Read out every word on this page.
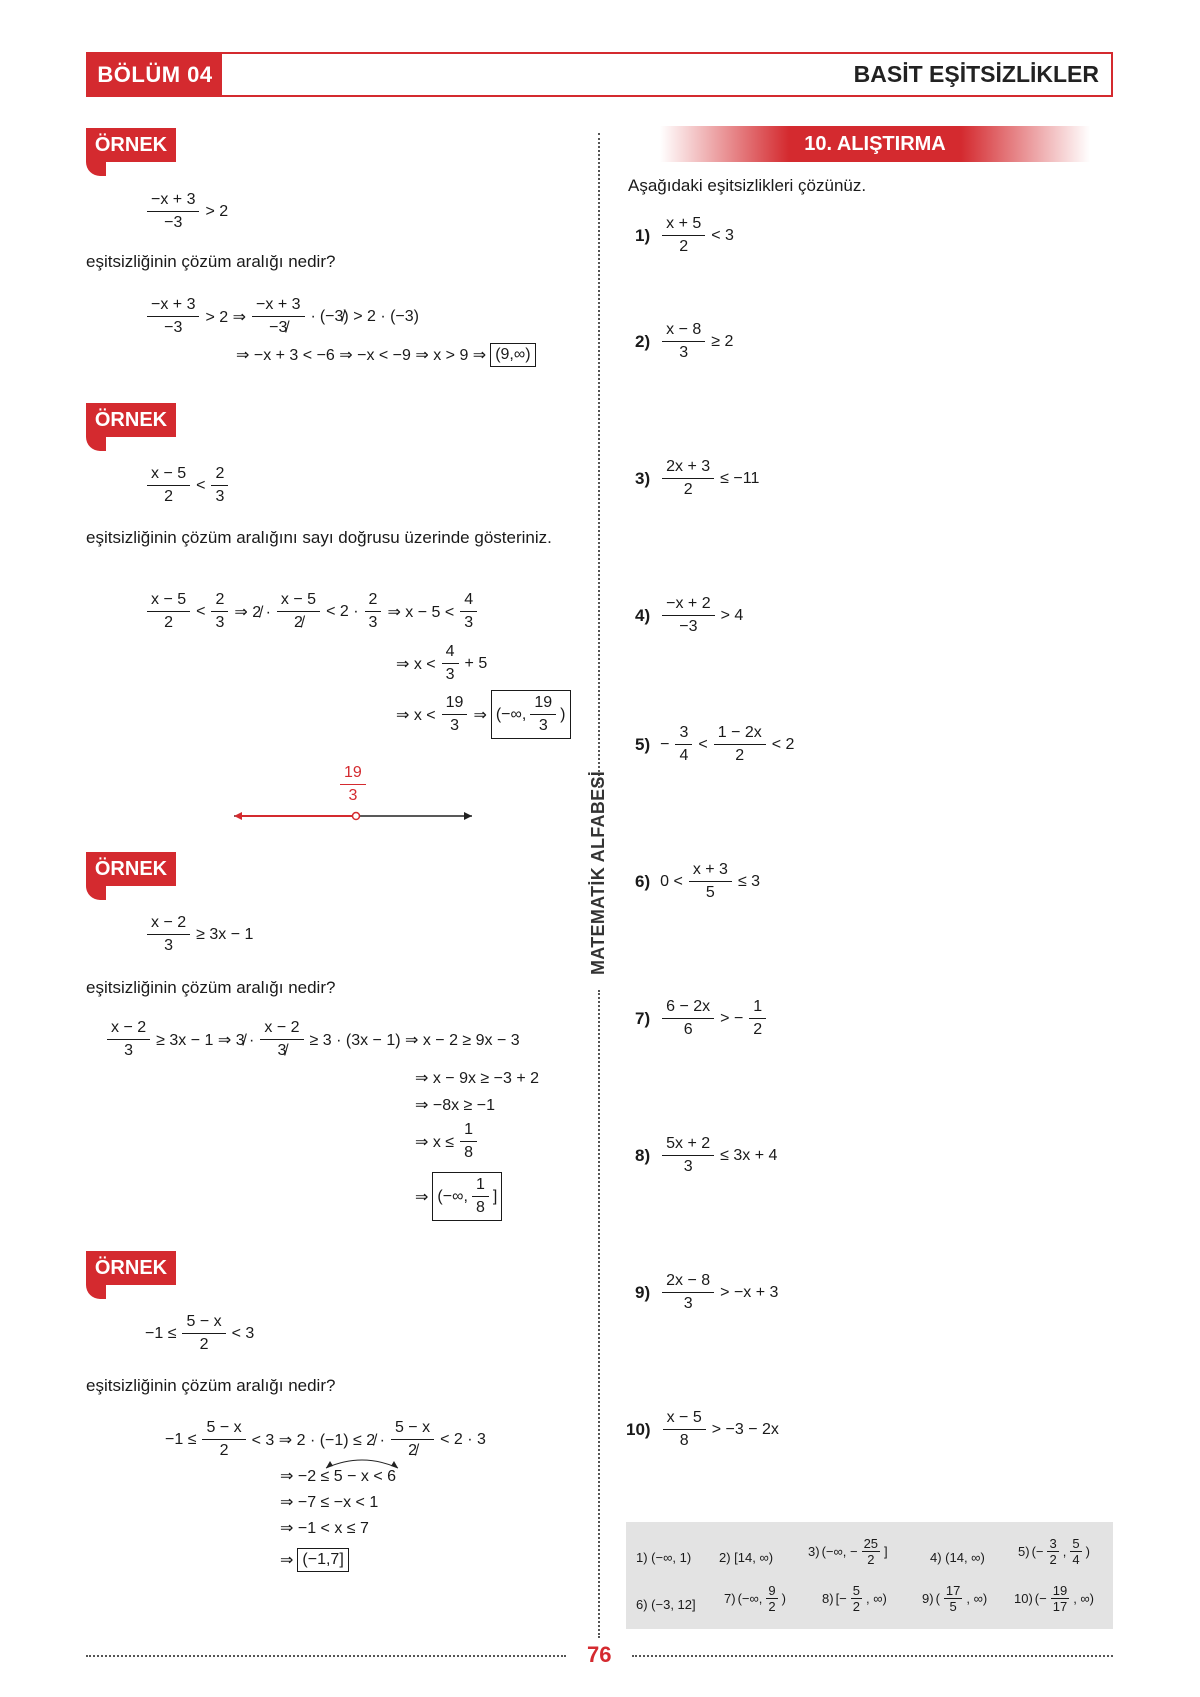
BÖLÜM 04	BASİT EŞİTSİZLİKLER
MATEMATİK ALFABESİ
ÖRNEK
$\frac{-x + 3}{-3} > 2$
eşitsizliğinin çözüm aralığı nedir?
$\frac{-x + 3}{-3} > 2$ ⇒ $\frac{-x + 3}{-3̸}$ · (−3̸) > 2 · (−3)
⇒ −x + 3 < −6 ⇒ −x < −9 ⇒ x > 9 ⇒ (9,∞)
ÖRNEK
$\frac{x - 5}{2} < \frac{2}{3}$
eşitsizliğinin çözüm aralığını sayı doğrusu üzerinde gösteriniz.
$\frac{x - 5}{2} < \frac{2}{3}$ ⇒ 2̸ · $\frac{x - 5}{2̸} < 2 \cdot \frac{2}{3}$ ⇒ $x - 5 < \frac{4}{3}$
⇒ $x < \frac{4}{3} + 5$
⇒ $x < \frac{19}{3}$ ⇒ (−∞, $\frac{19}{3}$ )
$\frac{19}{3}$
ÖRNEK
$\frac{x - 2}{3} \ge 3x - 1$
eşitsizliğinin çözüm aralığı nedir?
$\frac{x - 2}{3} \ge 3x - 1$ ⇒ 3̸ · $\frac{x - 2}{3̸} \ge 3 \cdot (3x - 1)$ ⇒ x − 2 ≥ 9x − 3
⇒ x − 9x ≥ −3 + 2
⇒ −8x ≥ −1
⇒ $x \le \frac{1}{8}$
⇒ (−∞, $\frac{1}{8}$ ]
ÖRNEK
$-1 \le \frac{5 - x}{2} < 3$
eşitsizliğinin çözüm aralığı nedir?
$-1 \le \frac{5 - x}{2} < 3$ ⇒ 2 · (−1) ≤ 2̸ · $\frac{5 - x}{2̸} < 2 \cdot 3$
⇒ −2 ≤ 5 − x < 6
⇒ −7 ≤ −x < 1
⇒ −1 < x ≤ 7
⇒ (−1,7]
10. ALIŞTIRMA
Aşağıdaki eşitsizlikleri çözünüz.
$1) \frac{x + 5}{2} < 3$
$2) \frac{x - 8}{3} \ge 2$
$3) \frac{2x + 3}{2} \le -11$
$4) \frac{-x + 2}{-3} > 4$
$5) - \frac{3}{4} < \frac{1 - 2x}{2} < 2$
6) $0 < \frac{x + 3}{5} \le 3$
$7) \frac{6 - 2x}{6}$ > − $\frac{1}{2}$
$8) \frac{5x + 2}{3} \le 3x + 4$
$9) \frac{2x - 8}{3} > -x + 3$
$10) \frac{x - 5}{8} > -3 - 2x$
1) (−∞, 1) 2) [14, ∞)	3) (−∞, − $\frac{25}{2}$ ]	4) (14, ∞)	5) (− $\frac{3}{2}$ , $\frac{5}{4}$ )
6) (−3, 12] 7) (−∞, $\frac{9}{2}$ )	8) [− $\frac{5}{2}$ , ∞)	9) ( $\frac{17}{5}$ , ∞) 10) (− $\frac{19}{17}$ , ∞)
76
